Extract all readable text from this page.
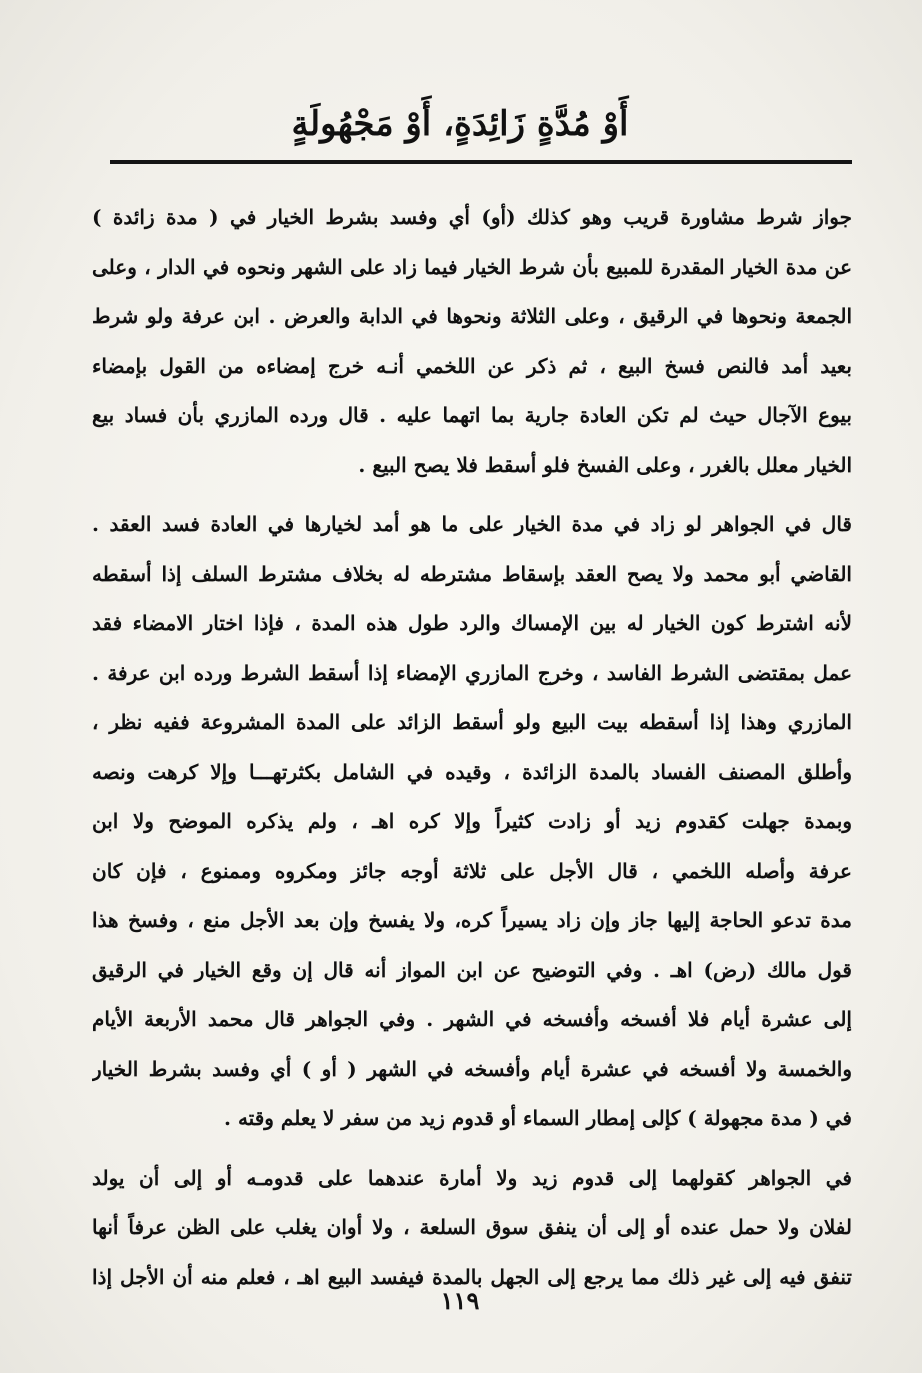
أَوْ مُدَّةٍ زَائِدَةٍ، أَوْ مَجْهُولَةٍ
جواز شرط مشاورة قريب وهو كذلك (أو) أي وفسد بشرط الخيار في ( مدة زائدة )
عن مدة الخيار المقدرة للمبيع بأن شرط الخيار فيما زاد على الشهر ونحوه في الدار ، وعلى
الجمعة ونحوها في الرقيق ، وعلى الثلاثة ونحوها في الدابة والعرض . ابن عرفة ولو شرط
بعيد أمد فالنص فسخ البيع ، ثم ذكر عن اللخمي أنـه خرج إمضاءه من القول بإمضاء
بيوع الآجال حيث لم تكن العادة جارية بما اتهما عليه . قال ورده المازري بأن فساد بيع
الخيار معلل بالغرر ، وعلى الفسخ فلو أسقط فلا يصح البيع .
قال في الجواهر لو زاد في مدة الخيار على ما هو أمد لخيارها في العادة فسد العقد .
القاضي أبو محمد ولا يصح العقد بإسقاط مشترطه له بخلاف مشترط السلف إذا أسقطه
لأنه اشترط كون الخيار له بين الإمساك والرد طول هذه المدة ، فإذا اختار الامضاء فقد
عمل بمقتضى الشرط الفاسد ، وخرج المازري الإمضاء إذا أسقط الشرط ورده ابن عرفة .
المازري وهذا إذا أسقطه بيت البيع ولو أسقط الزائد على المدة المشروعة ففيه نظر ،
وأطلق المصنف الفساد بالمدة الزائدة ، وقيده في الشامل بكثرتهـــا وإلا كرهت ونصه
وبمدة جهلت كقدوم زيد أو زادت كثيراً وإلا كره اهـ ، ولم يذكره الموضح ولا ابن
عرفة وأصله اللخمي ، قال الأجل على ثلاثة أوجه جائز ومكروه وممنوع ، فإن كان
مدة تدعو الحاجة إليها جاز وإن زاد يسيراً كره، ولا يفسخ وإن بعد الأجل منع ، وفسخ هذا
قول مالك (رض) اهـ . وفي التوضيح عن ابن المواز أنه قال إن وقع الخيار في الرقيق
إلى عشرة أيام فلا أفسخه وأفسخه في الشهر . وفي الجواهر قال محمد الأربعة الأيام
والخمسة ولا أفسخه في عشرة أيام وأفسخه في الشهر ( أو ) أي وفسد بشرط الخيار
في ( مدة مجهولة ) كإلى إمطار السماء أو قدوم زيد من سفر لا يعلم وقته .
في الجواهر كقولهما إلى قدوم زيد ولا أمارة عندهما على قدومـه أو إلى أن يولد
لفلان ولا حمل عنده أو إلى أن ينفق سوق السلعة ، ولا أوان يغلب على الظن عرفاً أنها
تنفق فيه إلى غير ذلك مما يرجع إلى الجهل بالمدة فيفسد البيع اهـ ، فعلم منه أن الأجل إذا
١١٩
